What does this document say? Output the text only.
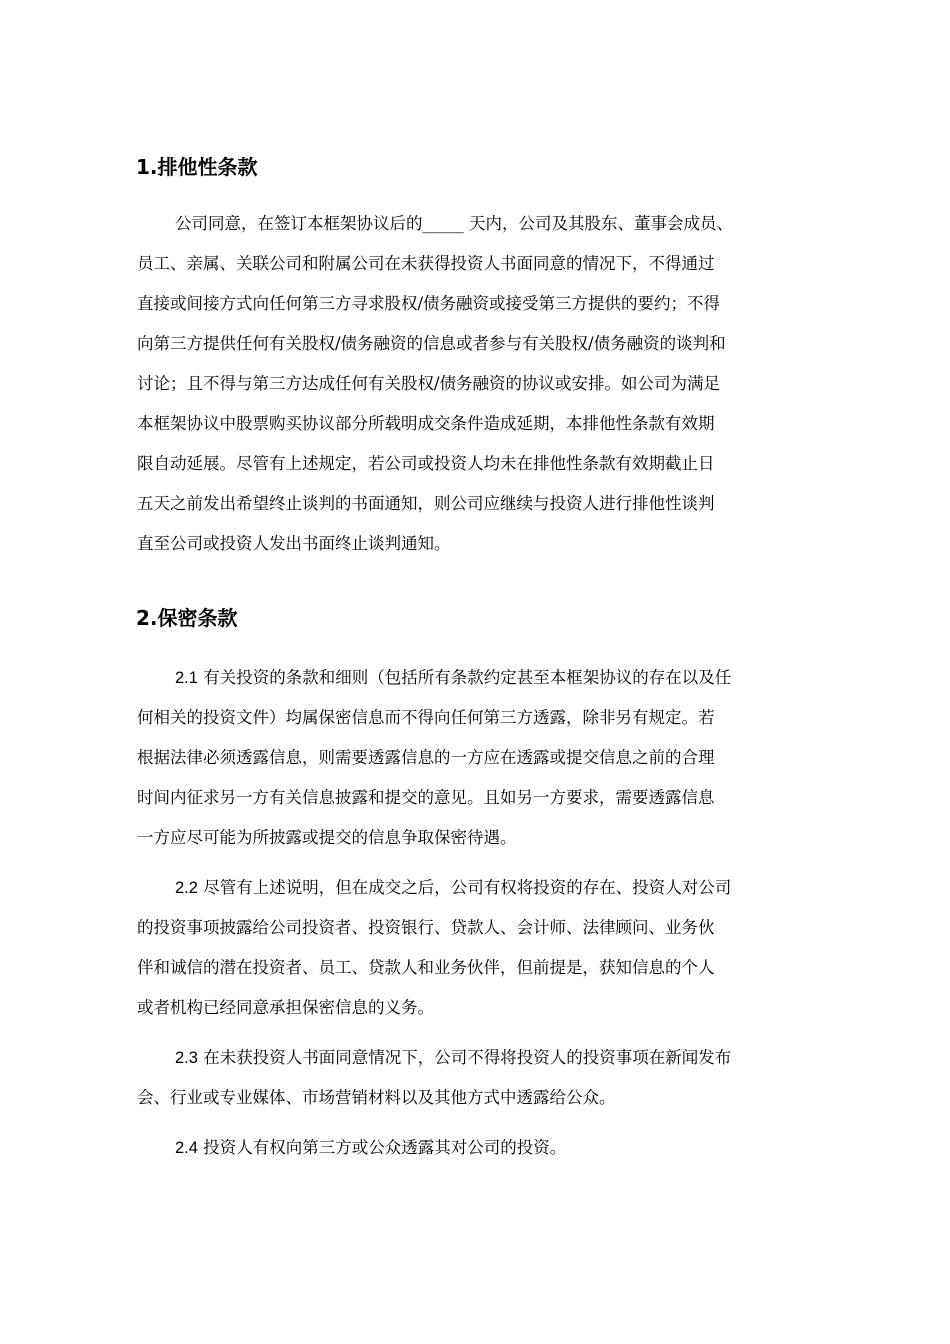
1.排他性条款

公司同意，在签订本框架协议后的_____ 天内，公司及其股东、董事会成员、

员工、亲属、关联公司和附属公司在未获得投资人书面同意的情况下，不得通过

直接或间接方式向任何第三方寻求股权/债务融资或接受第三方提供的要约；不得

向第三方提供任何有关股权/债务融资的信息或者参与有关股权/债务融资的谈判和

讨论；且不得与第三方达成任何有关股权/债务融资的协议或安排。如公司为满足

本框架协议中股票购买协议部分所载明成交条件造成延期，本排他性条款有效期

限自动延展。尽管有上述规定，若公司或投资人均未在排他性条款有效期截止日

五天之前发出希望终止谈判的书面通知，则公司应继续与投资人进行排他性谈判

直至公司或投资人发出书面终止谈判通知。

2.保密条款

2.1 有关投资的条款和细则（包括所有条款约定甚至本框架协议的存在以及任

何相关的投资文件）均属保密信息而不得向任何第三方透露，除非另有规定。若

根据法律必须透露信息，则需要透露信息的一方应在透露或提交信息之前的合理

时间内征求另一方有关信息披露和提交的意见。且如另一方要求，需要透露信息

一方应尽可能为所披露或提交的信息争取保密待遇。

2.2 尽管有上述说明，但在成交之后，公司有权将投资的存在、投资人对公司

的投资事项披露给公司投资者、投资银行、贷款人、会计师、法律顾问、业务伙

伴和诚信的潜在投资者、员工、贷款人和业务伙伴，但前提是，获知信息的个人

或者机构已经同意承担保密信息的义务。

2.3 在未获投资人书面同意情况下，公司不得将投资人的投资事项在新闻发布

会、行业或专业媒体、市场营销材料以及其他方式中透露给公众。

2.4 投资人有权向第三方或公众透露其对公司的投资。
